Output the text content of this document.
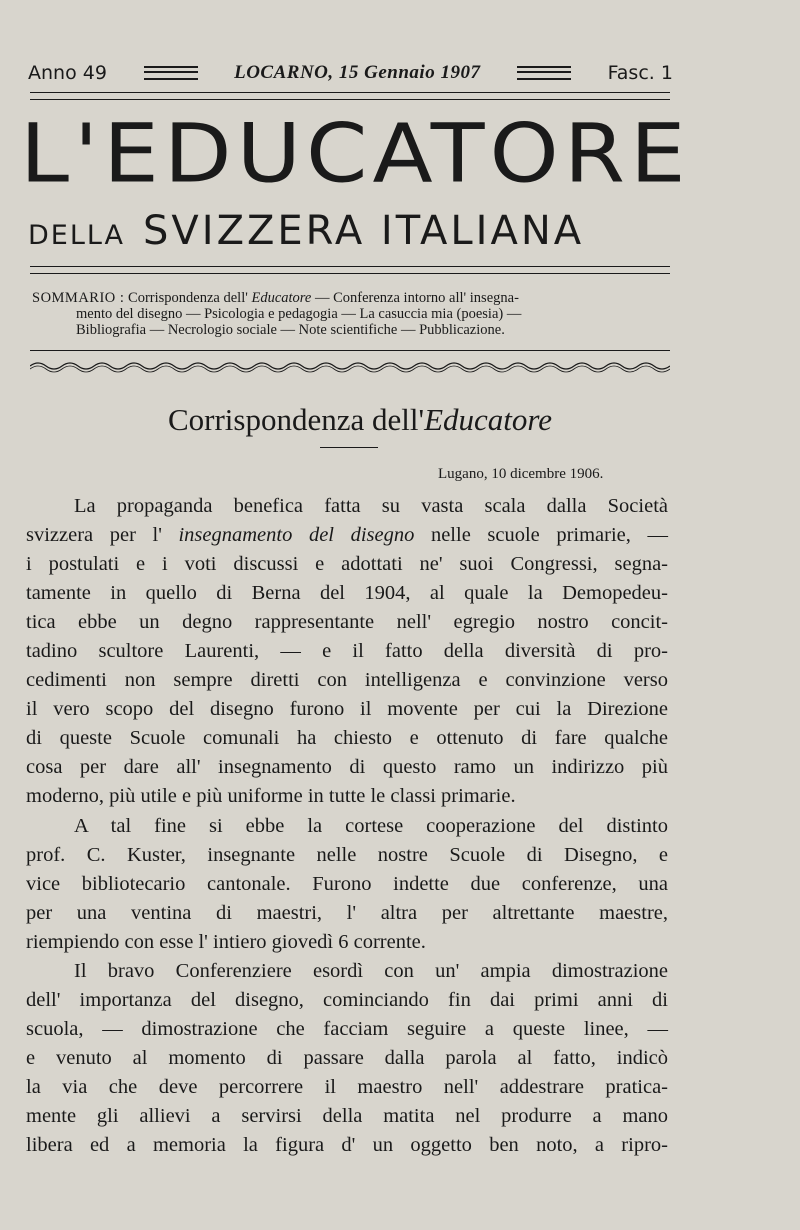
Anno 49	LOCARNO, 15 Gennaio 1907	Fasc. 1
L'EDUCATORE
DELLA SVIZZERA ITALIANA
SOMMARIO : Corrispondenza dell' Educatore — Conferenza intorno all' insegna-
mento del disegno — Psicologia e pedagogia — La casuccia mia (poesia) —
Bibliografia — Necrologio sociale — Note scientifiche — Pubblicazione.
Corrispondenza dell'Educatore
Lugano, 10 dicembre 1906.
La propaganda benefica fatta su vasta scala dalla Società
svizzera per l' insegnamento del disegno nelle scuole primarie, —
i postulati e i voti discussi e adottati ne' suoi Congressi, segna-
tamente in quello di Berna del 1904, al quale la Demopedeu-
tica ebbe un degno rappresentante nell' egregio nostro concit-
tadino scultore Laurenti, — e il fatto della diversità di pro-
cedimenti non sempre diretti con intelligenza e convinzione verso
il vero scopo del disegno furono il movente per cui la Direzione
di queste Scuole comunali ha chiesto e ottenuto di fare qualche
cosa per dare all' insegnamento di questo ramo un indirizzo più
moderno, più utile e più uniforme in tutte le classi primarie.
A tal fine si ebbe la cortese cooperazione del distinto
prof. C. Kuster, insegnante nelle nostre Scuole di Disegno, e
vice bibliotecario cantonale. Furono indette due conferenze, una
per una ventina di maestri, l' altra per altrettante maestre,
riempiendo con esse l' intiero giovedì 6 corrente.
Il bravo Conferenziere esordì con un' ampia dimostrazione
dell' importanza del disegno, cominciando fin dai primi anni di
scuola, — dimostrazione che facciam seguire a queste linee, —
e venuto al momento di passare dalla parola al fatto, indicò
la via che deve percorrere il maestro nell' addestrare pratica-
mente gli allievi a servirsi della matita nel produrre a mano
libera ed a memoria la figura d' un oggetto ben noto, a ripro-
